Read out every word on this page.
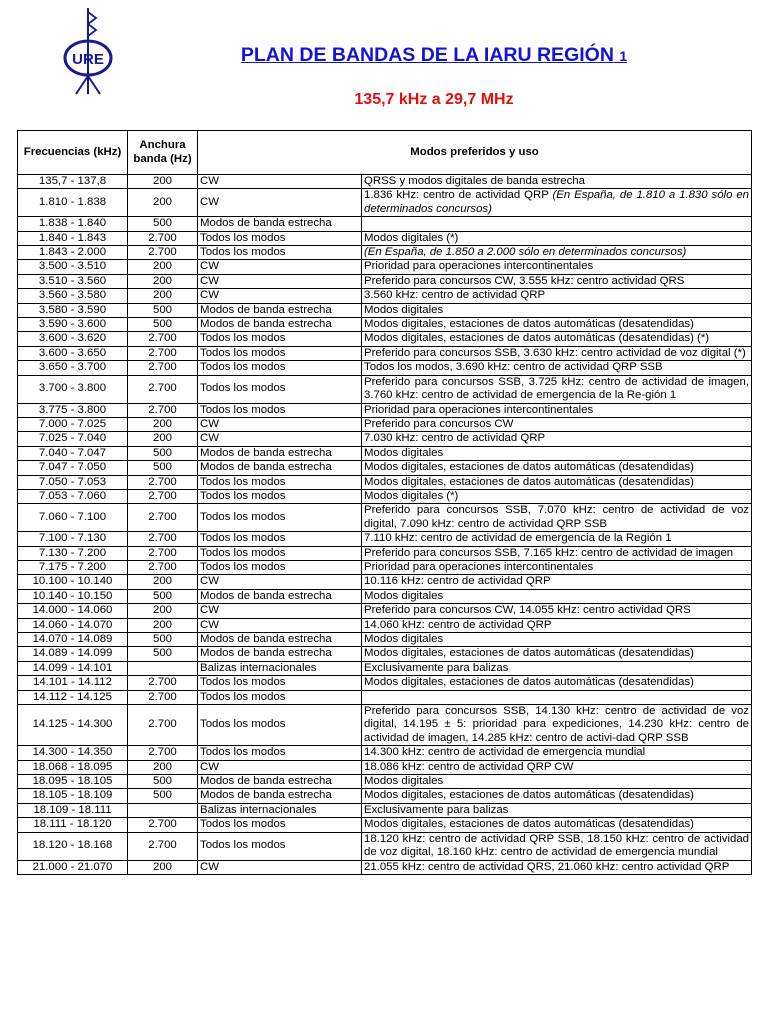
URE	PLAN DE BANDAS DE LA IARU REGIÓN 1
135,7 kHz a 29,7 MHz
Frecuencias (kHz)	Anchura banda (Hz)	Modos preferidos y uso	
135,7 - 137,8	200	CW	QRSS y modos digitales de banda estrecha
1.810 - 1.838	200	CW	1.836 kHz: centro de actividad QRP (En España, de 1.810 a 1.830 sólo en determinados concursos)
1.838 - 1.840	500	Modos de banda estrecha	
1.840 - 1.843	2.700	Todos los modos	Modos digitales (*)
1.843 - 2.000	2.700	Todos los modos	(En España, de 1.850 a 2.000 sólo en determinados concursos)
3.500 - 3.510	200	CW	Prioridad para operaciones intercontinentales
3.510 - 3.560	200	CW	Preferido para concursos CW, 3.555 kHz: centro actividad QRS
3.560 - 3.580	200	CW	3.560 kHz: centro de actividad QRP
3.580 - 3.590	500	Modos de banda estrecha	Modos digitales
3.590 - 3.600	500	Modos de banda estrecha	Modos digitales, estaciones de datos automáticas (desatendidas)
3.600 - 3.620	2.700	Todos los modos	Modos digitales, estaciones de datos automáticas (desatendidas) (*)
3.600 - 3.650	2.700	Todos los modos	Preferido para concursos SSB, 3.630 kHz: centro actividad de voz digital (*)
3.650 - 3.700	2.700	Todos los modos	Todos los modos, 3.690 kHz: centro de actividad QRP SSB
3.700 - 3.800	2.700	Todos los modos	Preferido para concursos SSB, 3.725 kHz: centro de actividad de imagen, 3.760 kHz: centro de actividad de emergencia de la Re-gión 1
3.775 - 3.800	2.700	Todos los modos	Prioridad para operaciones intercontinentales
7.000 - 7.025	200	CW	Preferido para concursos CW
7.025 - 7.040	200	CW	7.030 kHz: centro de actividad QRP
7.040 - 7.047	500	Modos de banda estrecha	Modos digitales
7.047 - 7.050	500	Modos de banda estrecha	Modos digitales, estaciones de datos automáticas (desatendidas)
7.050 - 7.053	2.700	Todos los modos	Modos digitales, estaciones de datos automáticas (desatendidas)
7.053 - 7.060	2.700	Todos los modos	Modos digitales (*)
7.060 - 7.100	2.700	Todos los modos	Preferido para concursos SSB, 7.070 kHz: centro de actividad de voz digital, 7.090 kHz: centro de actividad QRP SSB
7.100 - 7.130	2.700	Todos los modos	7.110 kHz: centro de actividad de emergencia de la Región 1
7.130 - 7.200	2.700	Todos los modos	Preferido para concursos SSB, 7.165 kHz: centro de actividad de imagen
7.175 - 7.200	2.700	Todos los modos	Prioridad para operaciones intercontinentales
10.100 - 10.140	200	CW	10.116 kHz: centro de actividad QRP
10.140 - 10.150	500	Modos de banda estrecha	Modos digitales
14.000 - 14.060	200	CW	Preferido para concursos CW, 14.055 kHz: centro actividad QRS
14.060 - 14.070	200	CW	14.060 kHz: centro de actividad QRP
14.070 - 14.089	500	Modos de banda estrecha	Modos digitales
14.089 - 14.099	500	Modos de banda estrecha	Modos digitales, estaciones de datos automáticas (desatendidas)
14.099 - 14.101		Balizas internacionales	Exclusivamente para balizas
14.101 - 14.112	2.700	Todos los modos	Modos digitales, estaciones de datos automáticas (desatendidas)
14.112 - 14.125	2.700	Todos los modos	
14.125 - 14.300	2.700	Todos los modos	Preferido para concursos SSB, 14.130 kHz: centro de actividad de voz digital, 14.195 ± 5: prioridad para expediciones, 14.230 kHz: centro de actividad de imagen, 14.285 kHz: centro de activi-dad QRP SSB
14.300 - 14.350	2.700	Todos los modos	14.300 kHz: centro de actividad de emergencia mundial
18.068 - 18.095	200	CW	18.086 kHz: centro de actividad QRP CW
18.095 - 18.105	500	Modos de banda estrecha	Modos digitales
18.105 - 18.109	500	Modos de banda estrecha	Modos digitales, estaciones de datos automáticas (desatendidas)
18.109 - 18.111		Balizas internacionales	Exclusivamente para balizas
18.111 - 18.120	2.700	Todos los modos	Modos digitales, estaciones de datos automáticas (desatendidas)
18.120 - 18.168	2.700	Todos los modos	18.120 kHz: centro de actividad QRP SSB, 18.150 kHz: centro de actividad de voz digital, 18.160 kHz: centro de actividad de emergencia mundial
21.000 - 21.070	200	CW	21.055 kHz: centro de actividad QRS, 21.060 kHz: centro actividad QRP
